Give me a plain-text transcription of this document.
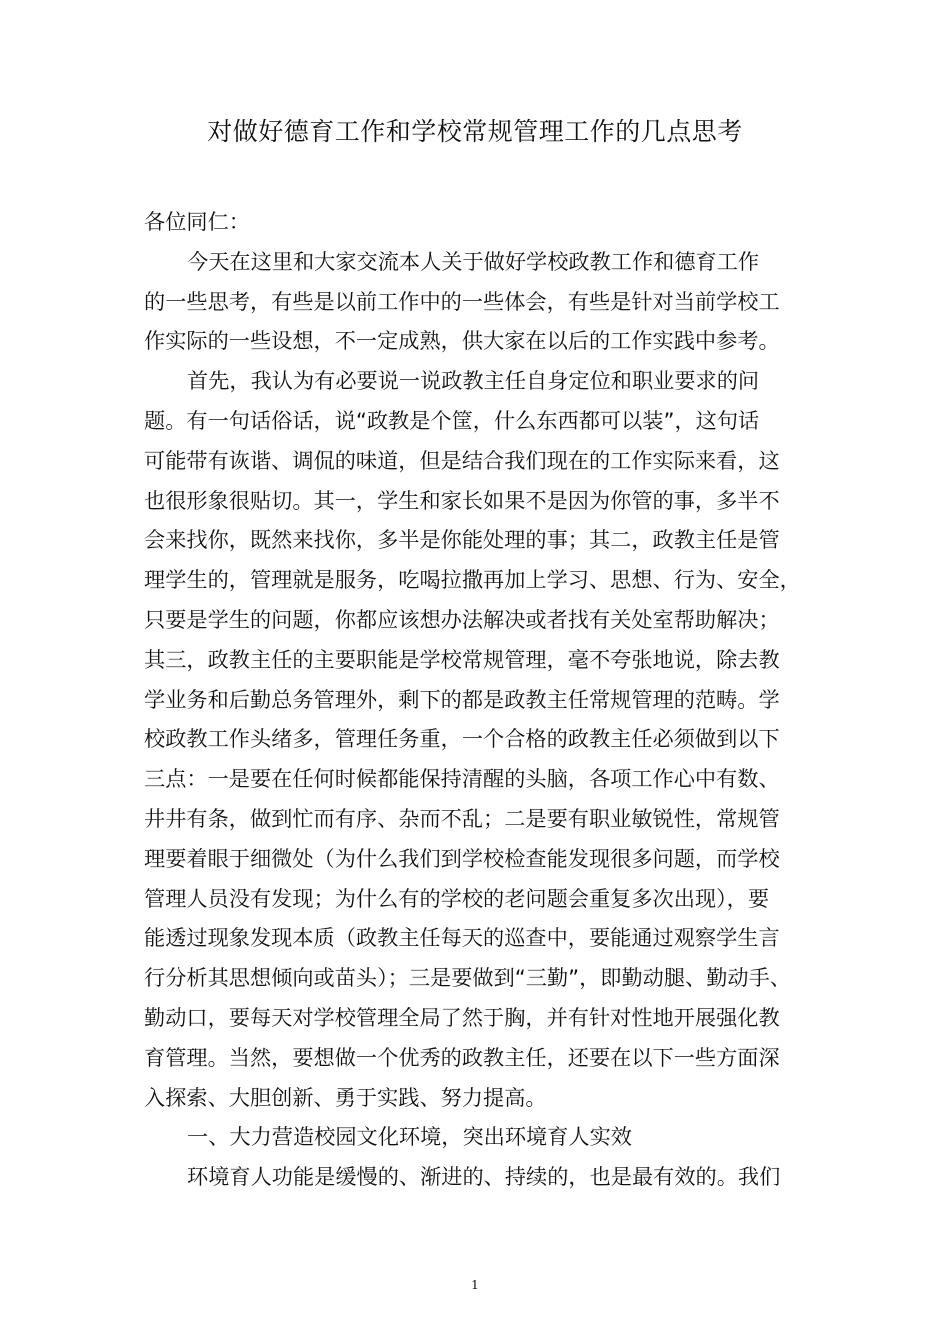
对做好德育工作和学校常规管理工作的几点思考
各位同仁：
今天在这里和大家交流本人关于做好学校政教工作和德育工作
的一些思考，有些是以前工作中的一些体会，有些是针对当前学校工
作实际的一些设想，不一定成熟，供大家在以后的工作实践中参考。
首先，我认为有必要说一说政教主任自身定位和职业要求的问
题。有一句话俗话，说“政教是个筐，什么东西都可以装”，这句话
可能带有诙谐、调侃的味道，但是结合我们现在的工作实际来看，这
也很形象很贴切。其一，学生和家长如果不是因为你管的事，多半不
会来找你，既然来找你，多半是你能处理的事；其二，政教主任是管
理学生的，管理就是服务，吃喝拉撒再加上学习、思想、行为、安全，
只要是学生的问题，你都应该想办法解决或者找有关处室帮助解决；
其三，政教主任的主要职能是学校常规管理，毫不夸张地说，除去教
学业务和后勤总务管理外，剩下的都是政教主任常规管理的范畴。学
校政教工作头绪多，管理任务重，一个合格的政教主任必须做到以下
三点：一是要在任何时候都能保持清醒的头脑，各项工作心中有数、
井井有条，做到忙而有序、杂而不乱；二是要有职业敏锐性，常规管
理要着眼于细微处（为什么我们到学校检查能发现很多问题，而学校
管理人员没有发现；为什么有的学校的老问题会重复多次出现），要
能透过现象发现本质（政教主任每天的巡查中，要能通过观察学生言
行分析其思想倾向或苗头）；三是要做到“三勤”，即勤动腿、勤动手、
勤动口，要每天对学校管理全局了然于胸，并有针对性地开展强化教
育管理。当然，要想做一个优秀的政教主任，还要在以下一些方面深
入探索、大胆创新、勇于实践、努力提高。
一、大力营造校园文化环境，突出环境育人实效
环境育人功能是缓慢的、渐进的、持续的，也是最有效的。我们
1
